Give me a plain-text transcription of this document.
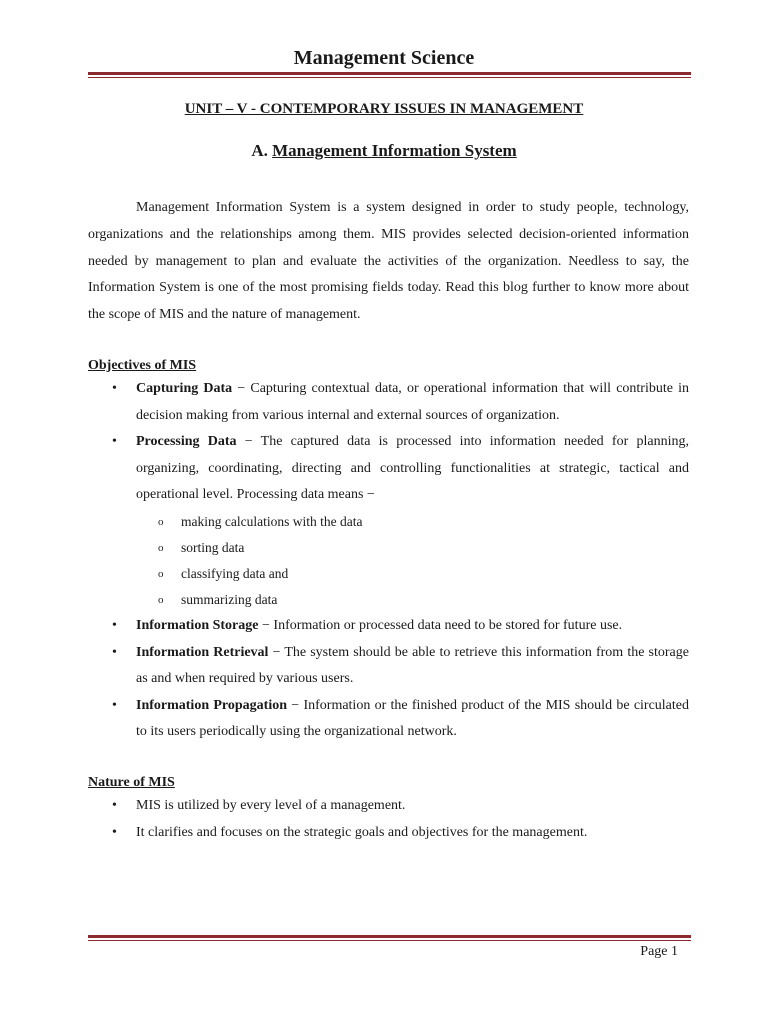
Management Science
UNIT – V - CONTEMPORARY ISSUES IN MANAGEMENT
A. Management Information System

Management Information System is a system designed in order to study people, technology, organizations and the relationships among them. MIS provides selected decision-oriented information needed by management to plan and evaluate the activities of the organization. Needless to say, the Information System is one of the most promising fields today. Read this blog further to know more about the scope of MIS and the nature of management.

Objectives of MIS

• Capturing Data − Capturing contextual data, or operational information that will contribute in decision making from various internal and external sources of organization.
• Processing Data − The captured data is processed into information needed for planning, organizing, coordinating, directing and controlling functionalities at strategic, tactical and operational level. Processing data means −
o making calculations with the data
o sorting data
o classifying data and
o summarizing data
• Information Storage − Information or processed data need to be stored for future use.
• Information Retrieval − The system should be able to retrieve this information from the storage as and when required by various users.
• Information Propagation − Information or the finished product of the MIS should be circulated to its users periodically using the organizational network.

Nature of MIS

• MIS is utilized by every level of a management.
• It clarifies and focuses on the strategic goals and objectives for the management.
Page 1
